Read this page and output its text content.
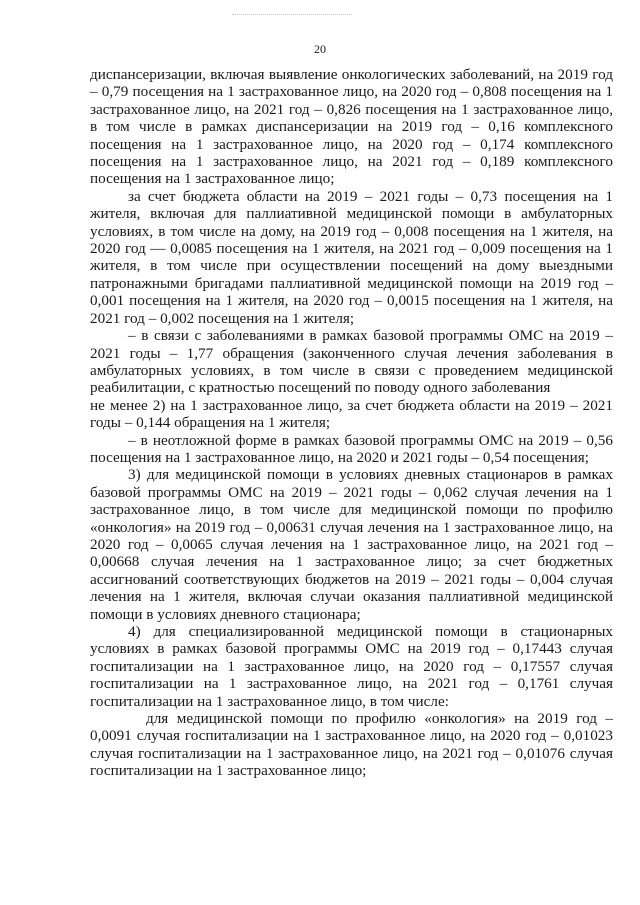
20

диспансеризации, включая выявление онкологических заболеваний, на 2019 год – 0,79 посещения на 1 застрахованное лицо, на 2020 год – 0,808 посещения на 1 застрахованное лицо, на 2021 год – 0,826 посещения на 1 застрахованное лицо, в том числе в рамках диспансеризации на 2019 год – 0,16 комплексного посещения на 1 застрахованное лицо, на 2020 год – 0,174 комплексного посещения на 1 застрахованное лицо, на 2021 год – 0,189 комплексного посещения на 1 застрахованное лицо;

за счет бюджета области на 2019 – 2021 годы – 0,73 посещения на 1 жителя, включая для паллиативной медицинской помощи в амбулаторных условиях, в том числе на дому, на 2019 год – 0,008 посещения на 1 жителя, на 2020 год — 0,0085 посещения на 1 жителя, на 2021 год – 0,009 посещения на 1 жителя, в том числе при осуществлении посещений на дому выездными патронажными бригадами паллиативной медицинской помощи на 2019 год – 0,001 посещения на 1 жителя, на 2020 год – 0,0015 посещения на 1 жителя, на 2021 год – 0,002 посещения на 1 жителя;

– в связи с заболеваниями в рамках базовой программы ОМС на 2019 – 2021 годы – 1,77 обращения (законченного случая лечения заболевания в амбулаторных условиях, в том числе в связи с проведением медицинской реабилитации, с кратностью посещений по поводу одного заболевания

не менее 2) на 1 застрахованное лицо, за счет бюджета области на 2019 – 2021 годы – 0,144 обращения на 1 жителя;

– в неотложной форме в рамках базовой программы ОМС на 2019 – 0,56 посещения на 1 застрахованное лицо, на 2020 и 2021 годы – 0,54 посещения;

3) для медицинской помощи в условиях дневных стационаров в рамках базовой программы ОМС на 2019 – 2021 годы – 0,062 случая лечения на 1 застрахованное лицо, в том числе для медицинской помощи по профилю «онкология» на 2019 год – 0,00631 случая лечения на 1 застрахованное лицо, на 2020 год – 0,0065 случая лечения на 1 застрахованное лицо, на 2021 год – 0,00668 случая лечения на 1 застрахованное лицо; за счет бюджетных ассигнований соответствующих бюджетов на 2019 – 2021 годы – 0,004 случая лечения на 1 жителя, включая случаи оказания паллиативной медицинской помощи в условиях дневного стационара;

4) для специализированной медицинской помощи в стационарных условиях в рамках базовой программы ОМС на 2019 год – 0,17443 случая госпитализации на 1 застрахованное лицо, на 2020 год – 0,17557 случая госпитализации на 1 застрахованное лицо, на 2021 год – 0,1761 случая госпитализации на 1 застрахованное лицо, в том числе:

для медицинской помощи по профилю «онкология» на 2019 год – 0,0091 случая госпитализации на 1 застрахованное лицо, на 2020 год – 0,01023 случая госпитализации на 1 застрахованное лицо, на 2021 год – 0,01076 случая госпитализации на 1 застрахованное лицо;
